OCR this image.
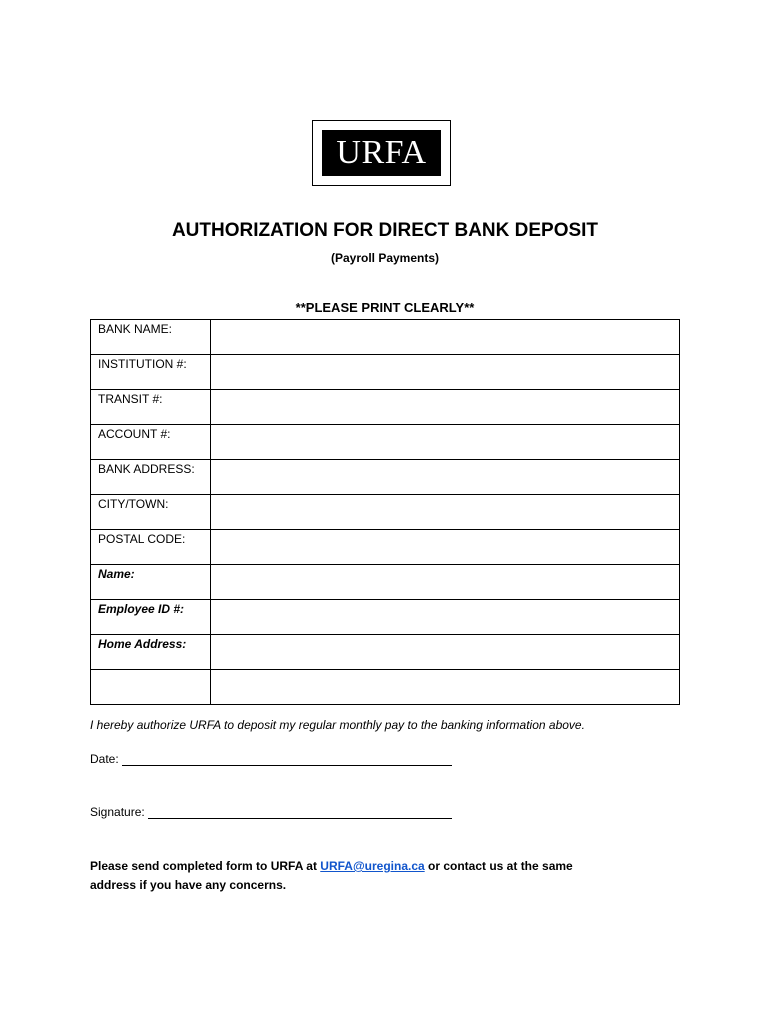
URFA
AUTHORIZATION FOR DIRECT BANK DEPOSIT
(Payroll Payments)
**PLEASE PRINT CLEARLY**
BANK NAME:	
INSTITUTION #:	
TRANSIT #:	
ACCOUNT #:	
BANK ADDRESS:	
CITY/TOWN:	
POSTAL CODE:	
Name:	
Employee ID #:	
Home Address:	

I hereby authorize URFA to deposit my regular monthly pay to the banking information above.
Date:
Signature:
Please send completed form to URFA at URFA@uregina.ca or contact us at the same address if you have any concerns.
